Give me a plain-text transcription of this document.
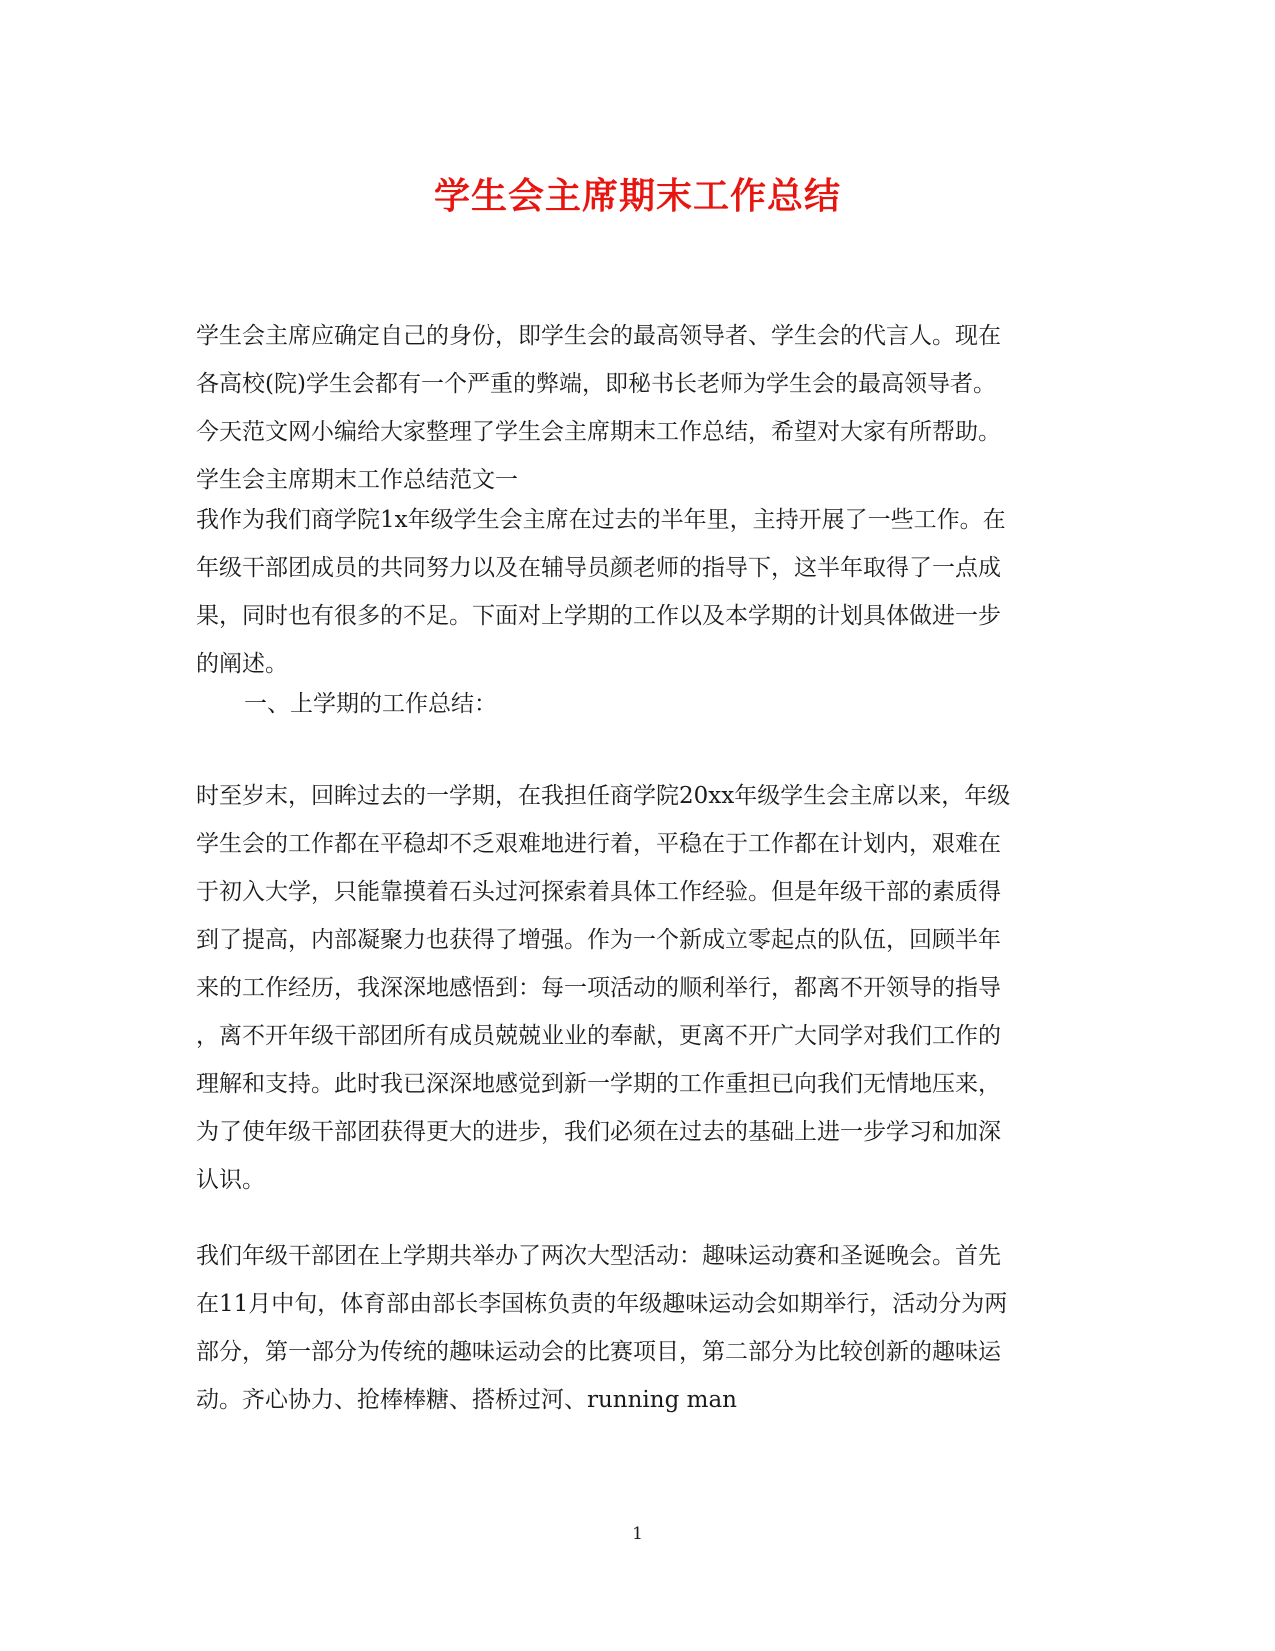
学生会主席期末工作总结
学生会主席应确定自己的身份，即学生会的最高领导者、学生会的代言人。现在
各高校(院)学生会都有一个严重的弊端，即秘书长老师为学生会的最高领导者。
今天范文网小编给大家整理了学生会主席期末工作总结，希望对大家有所帮助。
学生会主席期末工作总结范文一
我作为我们商学院1x年级学生会主席在过去的半年里，主持开展了一些工作。在
年级干部团成员的共同努力以及在辅导员颜老师的指导下，这半年取得了一点成
果，同时也有很多的不足。下面对上学期的工作以及本学期的计划具体做进一步
的阐述。
一、上学期的工作总结：
时至岁末，回眸过去的一学期，在我担任商学院20xx年级学生会主席以来，年级
学生会的工作都在平稳却不乏艰难地进行着，平稳在于工作都在计划内，艰难在
于初入大学，只能靠摸着石头过河探索着具体工作经验。但是年级干部的素质得
到了提高，内部凝聚力也获得了增强。作为一个新成立零起点的队伍，回顾半年
来的工作经历，我深深地感悟到：每一项活动的顺利举行，都离不开领导的指导
，离不开年级干部团所有成员兢兢业业的奉献，更离不开广大同学对我们工作的
理解和支持。此时我已深深地感觉到新一学期的工作重担已向我们无情地压来，
为了使年级干部团获得更大的进步，我们必须在过去的基础上进一步学习和加深
认识。
我们年级干部团在上学期共举办了两次大型活动：趣味运动赛和圣诞晚会。首先
在11月中旬，体育部由部长李国栋负责的年级趣味运动会如期举行，活动分为两
部分，第一部分为传统的趣味运动会的比赛项目，第二部分为比较创新的趣味运
动。齐心协力、抢棒棒糖、搭桥过河、running man
1
